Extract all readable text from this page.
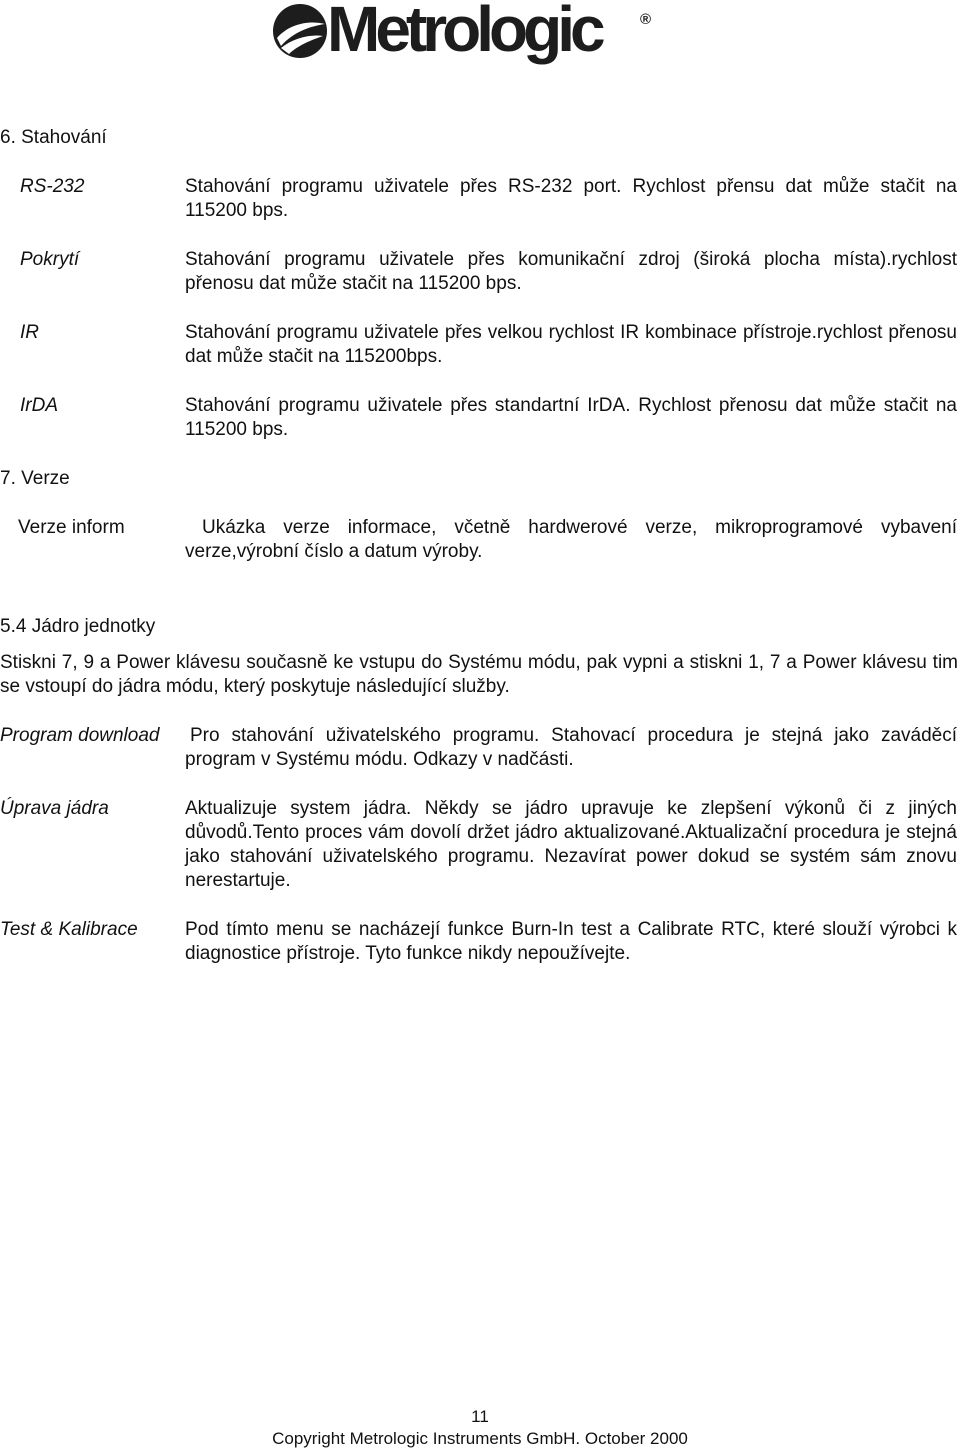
Metrologic	®
6. Stahování
RS-232	Stahování programu uživatele přes RS-232 port. Rychlost přensu dat může stačit na 115200 bps.
Pokrytí	Stahování programu uživatele přes komunikační zdroj (široká plocha místa).rychlost přenosu dat může stačit na 115200 bps.
IR	Stahování programu uživatele přes velkou rychlost IR kombinace přístroje.rychlost přenosu dat může stačit na 115200bps.
IrDA	Stahování programu uživatele přes standartní IrDA. Rychlost přenosu dat může stačit na 115200 bps.
7. Verze
Verze inform	Ukázka verze informace, včetně hardwerové verze, mikroprogramové vybavení verze,výrobní číslo a datum výroby.
5.4 Jádro jednotky
Stiskni 7, 9 a Power klávesu současně ke vstupu do Systému módu, pak vypni a stiskni 1, 7 a Power klávesu tim se vstoupí do jádra módu, který poskytuje následující služby.
Program download	Pro stahování uživatelského programu. Stahovací procedura je stejná jako zaváděcí program v Systému módu. Odkazy v nadčásti.
Úprava jádra	Aktualizuje system jádra. Někdy se jádro upravuje ke zlepšení výkonů či z jiných důvodů.Tento proces vám dovolí držet jádro aktualizované.Aktualizační procedura je stejná jako stahování uživatelského programu. Nezavírat power dokud se systém sám znovu nerestartuje.
Test & Kalibrace	Pod tímto menu se nacházejí funkce Burn-In test a Calibrate RTC, které slouží výrobci k diagnostice přístroje. Tyto funkce nikdy nepoužívejte.
11
Copyright Metrologic Instruments GmbH. October 2000
